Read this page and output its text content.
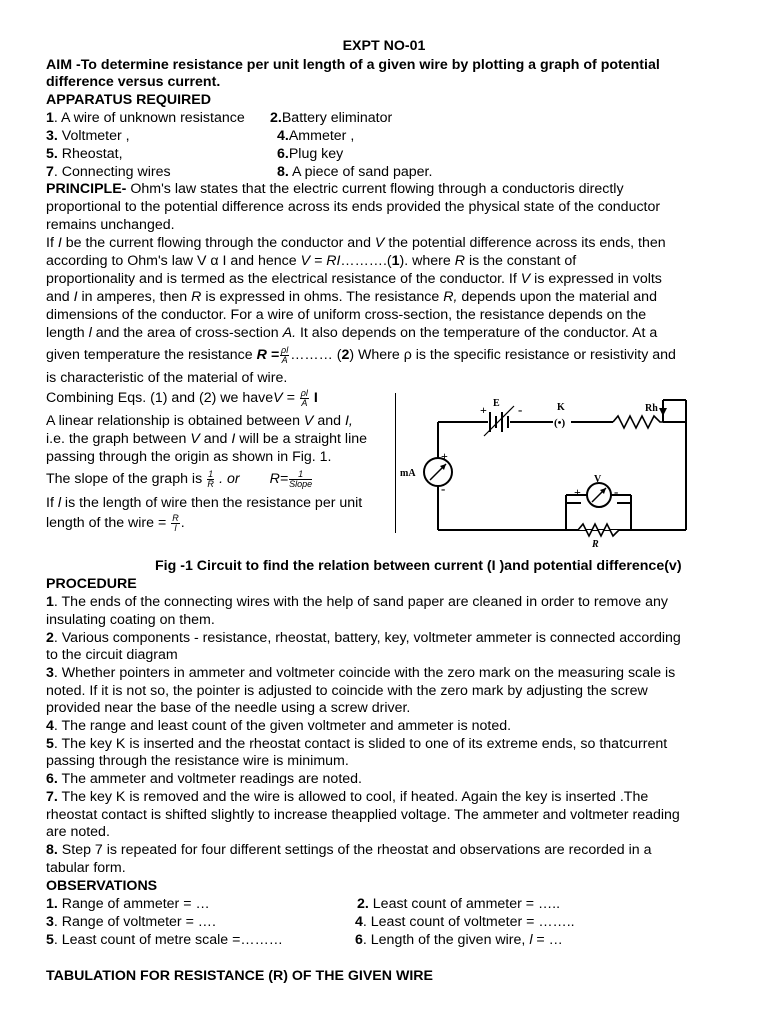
EXPT NO-01
AIM -To determine resistance per unit length of a given wire by plotting a graph of potential
difference versus current.
APPARATUS REQUIRED
1. A wire of unknown resistance 2.Battery eliminator
3. Voltmeter ,	4.Ammeter ,
5. Rheostat,	6.Plug key
7. Connecting wires	8. A piece of sand paper.
PRINCIPLE- Ohm's law states that the electric current flowing through a conductoris directly
proportional to the potential difference across its ends provided the physical state of the conductor
remains unchanged.
If I be the current flowing through the conductor and V the potential difference across its ends, then
according to Ohm's law V α I and hence V = RI……….(1). where R is the constant of
proportionality and is termed as the electrical resistance of the conductor. If V is expressed in volts
and I in amperes, then R is expressed in ohms. The resistance R, depends upon the material and
dimensions of the conductor. For a wire of uniform cross-section, the resistance depends on the
length l and the area of cross-section A. It also depends on the temperature of the conductor. At a
given temperature the resistance $R = \frac{\rho l}{A}$ ……… (2) Where ρ is the specific resistance or resistivity and
is characteristic of the material of wire.
Combining Eqs. (1) and (2) we haveV = $\frac{\rho l}{A}$ I
A linear relationship is obtained between V and I,
i.e. the graph between V and I will be a straight line
passing through the origin as shown in Fig. 1.
The slope of the graph is $\frac{1}{R}$ . or $R= \frac{1}{\text{Slope}}$
If l is the length of wire then the resistance per unit
length of the wire = $\frac{R}{l}$ .
(•)
E
+ -	K	Rh
mA
+
-
V
+	-
R
Fig -1 Circuit to find the relation between current (I )and potential difference(v)
PROCEDURE
1. The ends of the connecting wires with the help of sand paper are cleaned in order to remove any
insulating coating on them.
2. Various components - resistance, rheostat, battery, key, voltmeter ammeter is connected according
to the circuit diagram
3. Whether pointers in ammeter and voltmeter coincide with the zero mark on the measuring scale is
noted. If it is not so, the pointer is adjusted to coincide with the zero mark by adjusting the screw
provided near the base of the needle using a screw driver.
4. The range and least count of the given voltmeter and ammeter is noted.
5. The key K is inserted and the rheostat contact is slided to one of its extreme ends, so thatcurrent
passing through the resistance wire is minimum.
6. The ammeter and voltmeter readings are noted.
7. The key K is removed and the wire is allowed to cool, if heated. Again the key is inserted .The
rheostat contact is shifted slightly to increase theapplied voltage. The ammeter and voltmeter reading
are noted.
8. Step 7 is repeated for four different settings of the rheostat and observations are recorded in a
tabular form.
OBSERVATIONS
1. Range of ammeter = …	2. Least count of ammeter = …..
3. Range of voltmeter = ….	4. Least count of voltmeter = ……..
5. Least count of metre scale =………	6. Length of the given wire, l = …
TABULATION FOR RESISTANCE (R) OF THE GIVEN WIRE
